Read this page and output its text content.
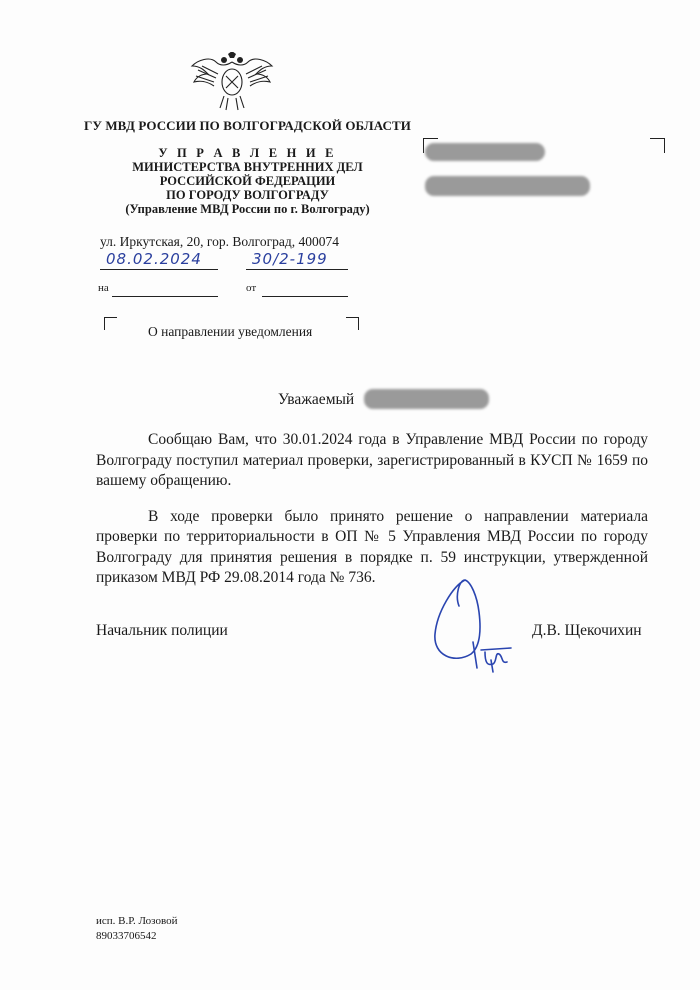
ГУ МВД РОССИИ ПО ВОЛГОГРАДСКОЙ ОБЛАСТИ
У П Р А В Л Е Н И Е
МИНИСТЕРСТВА ВНУТРЕННИХ ДЕЛ
РОССИЙСКОЙ ФЕДЕРАЦИИ
ПО ГОРОДУ ВОЛГОГРАДУ
(Управление МВД России по г. Волгограду)
ул. Иркутская, 20, гор. Волгоград, 400074
08.02.2024	30/2-199
на	от
О направлении уведомления
Уважаемый

Сообщаю Вам, что 30.01.2024 года в Управление МВД России по городу Волгограду поступил материал проверки, зарегистрированный в КУСП № 1659 по вашему обращению.

В ходе проверки было принято решение о направлении материала проверки по территориальности в ОП № 5 Управления МВД России по городу Волгограду для принятия решения в порядке п. 59 инструкции, утвержденной приказом МВД РФ 29.08.2014 года № 736.

Начальник полиции	Д.В. Щекочихин
исп. В.Р. Лозовой
89033706542
